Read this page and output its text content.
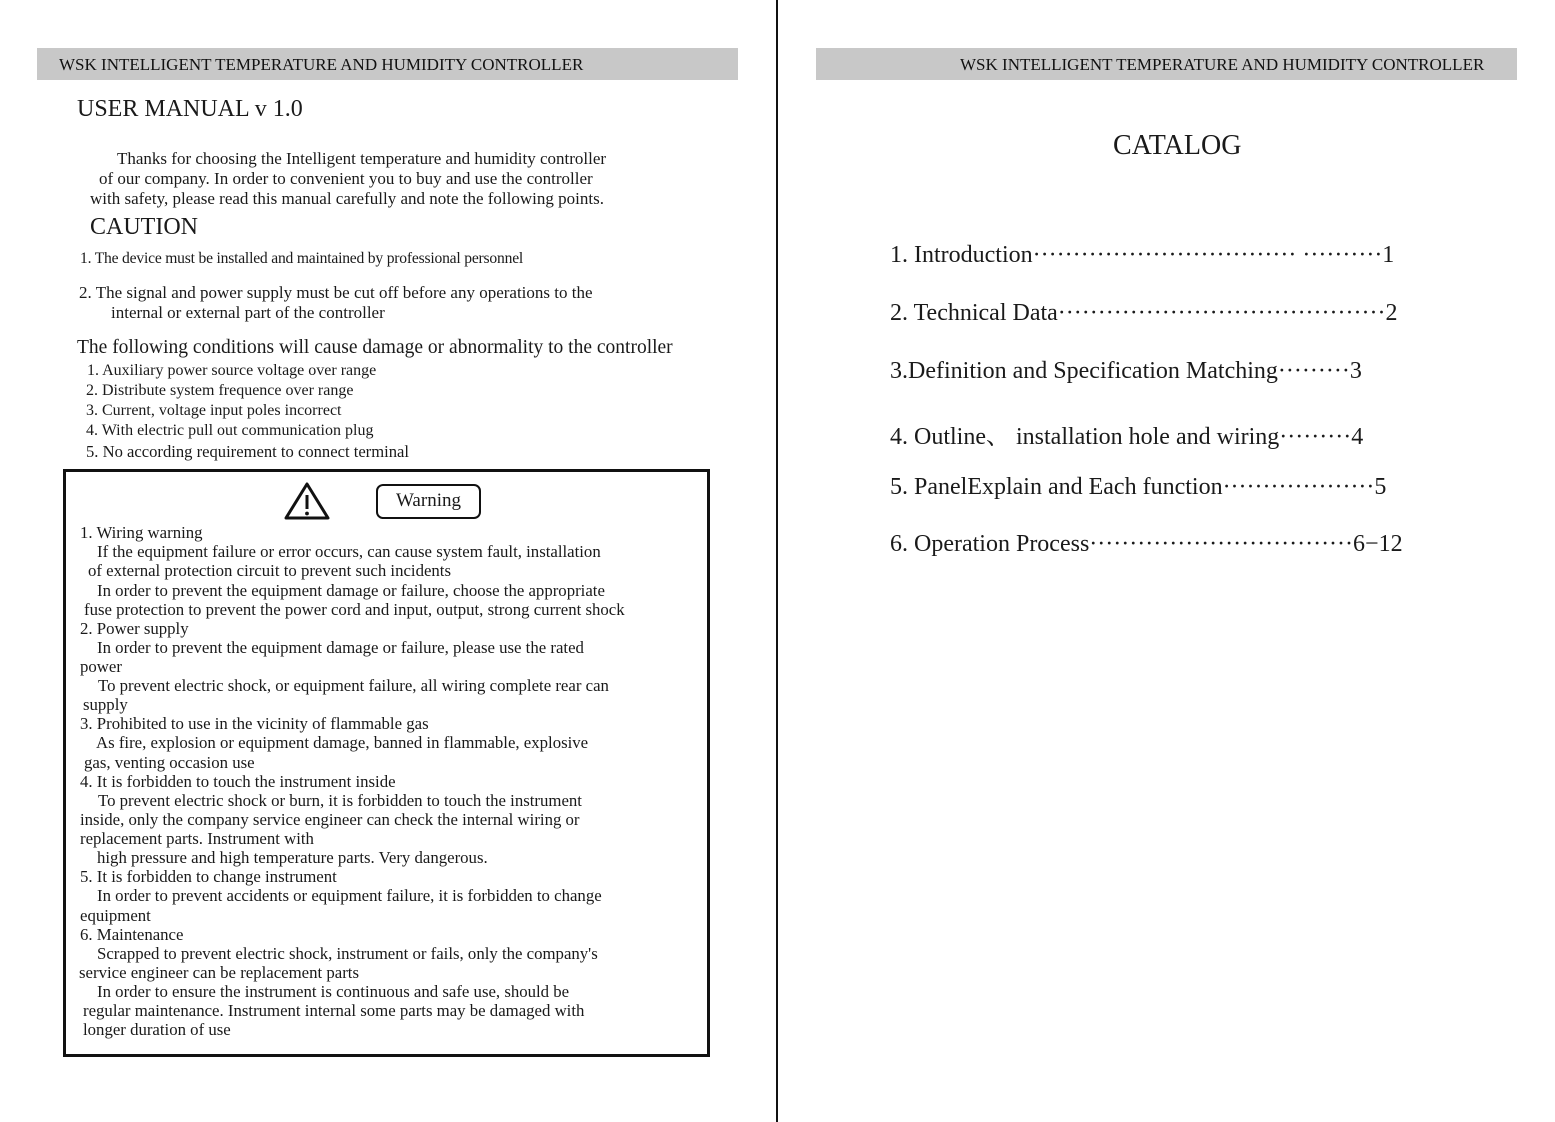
WSK INTELLIGENT TEMPERATURE AND HUMIDITY CONTROLLER
USER MANUAL v 1.0
Thanks for choosing the Intelligent temperature and humidity controller
of our company. In order to convenient you to buy and use the controller
with safety, please read this manual carefully and note the following points.
CAUTION
1. The device must be installed and maintained by professional personnel
2. The signal and power supply must be cut off before any operations to the
internal or external part of the controller
The following conditions will cause damage or abnormality to the controller
1. Auxiliary power source voltage over range
2. Distribute system frequence over range
3. Current, voltage input poles incorrect
4. With electric pull out communication plug
5. No according requirement to connect terminal
Warning
1. Wiring warning
If the equipment failure or error occurs, can cause system fault, installation
of external protection circuit to prevent such incidents
In order to prevent the equipment damage or failure, choose the appropriate
fuse protection to prevent the power cord and input, output, strong current shock
2. Power supply
In order to prevent the equipment damage or failure, please use the rated
power
To prevent electric shock, or equipment failure, all wiring complete rear can
supply
3. Prohibited to use in the vicinity of flammable gas
As fire, explosion or equipment damage, banned in flammable, explosive
gas, venting occasion use
4. It is forbidden to touch the instrument inside
To prevent electric shock or burn, it is forbidden to touch the instrument
inside, only the company service engineer can check the internal wiring or
replacement parts. Instrument with
high pressure and high temperature parts. Very dangerous.
5. It is forbidden to change instrument
In order to prevent accidents or equipment failure, it is forbidden to change
equipment
6. Maintenance
Scrapped to prevent electric shock, instrument or fails, only the company's
service engineer can be replacement parts
In order to ensure the instrument is continuous and safe use, should be
regular maintenance. Instrument internal some parts may be damaged with
longer duration of use
WSK INTELLIGENT TEMPERATURE AND HUMIDITY CONTROLLER
CATALOG
1. Introduction································· ··········1
2. Technical Data·········································2
3.Definition and Specification Matching·········3
4. Outline、 installation hole and wiring·········4
5. PanelExplain and Each function···················5
6. Operation Process·································6−12
